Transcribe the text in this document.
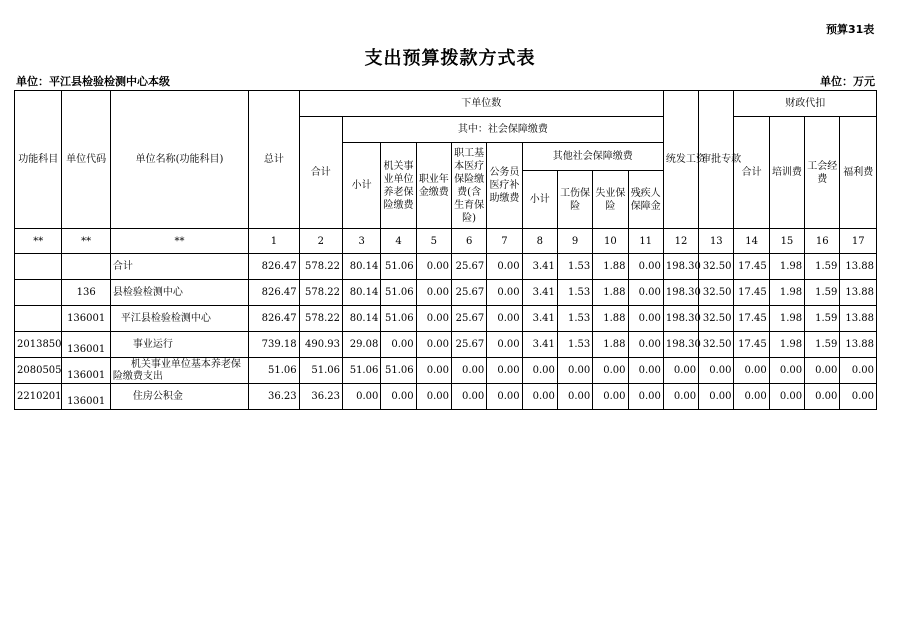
预算31表
支出预算拨款方式表
单位：平江县检验检测中心本级	单位：万元
功能科目	单位代码	单位名称(功能科目)	总计	下单位数										统发工资	审批专款	财政代扣			
				合计	其中：社会保障缴费											合计	培训费	工会经费	福利费
					小计	机关事业单位养老保险缴费	职业年金缴费	职工基本医疗保险缴费(含生育保险)	公务员医疗补助缴费	其他社会保障缴费									
										小计	工伤保险	失业保险	残疾人保障金						
**	**	**	1	2	3	4	5	6	7	8	9	10	11	12	13	14	15	16	17
		合计	826.47	578.22	80.14	51.06	0.00	25.67	0.00	3.41	1.53	1.88	0.00	198.30	32.50	17.45	1.98	1.59	13.88
	136	县检验检测中心	826.47	578.22	80.14	51.06	0.00	25.67	0.00	3.41	1.53	1.88	0.00	198.30	32.50	17.45	1.98	1.59	13.88
	136001	平江县检验检测中心	826.47	578.22	80.14	51.06	0.00	25.67	0.00	3.41	1.53	1.88	0.00	198.30	32.50	17.45	1.98	1.59	13.88
2013850	136001	事业运行	739.18	490.93	29.08	0.00	0.00	25.67	0.00	3.41	1.53	1.88	0.00	198.30	32.50	17.45	1.98	1.59	13.88
2080505	136001	机关事业单位基本养老保险缴费支出	51.06	51.06	51.06	51.06	0.00	0.00	0.00	0.00	0.00	0.00	0.00	0.00	0.00	0.00	0.00	0.00	0.00
2210201	136001	住房公积金	36.23	36.23	0.00	0.00	0.00	0.00	0.00	0.00	0.00	0.00	0.00	0.00	0.00	0.00	0.00	0.00	0.00
